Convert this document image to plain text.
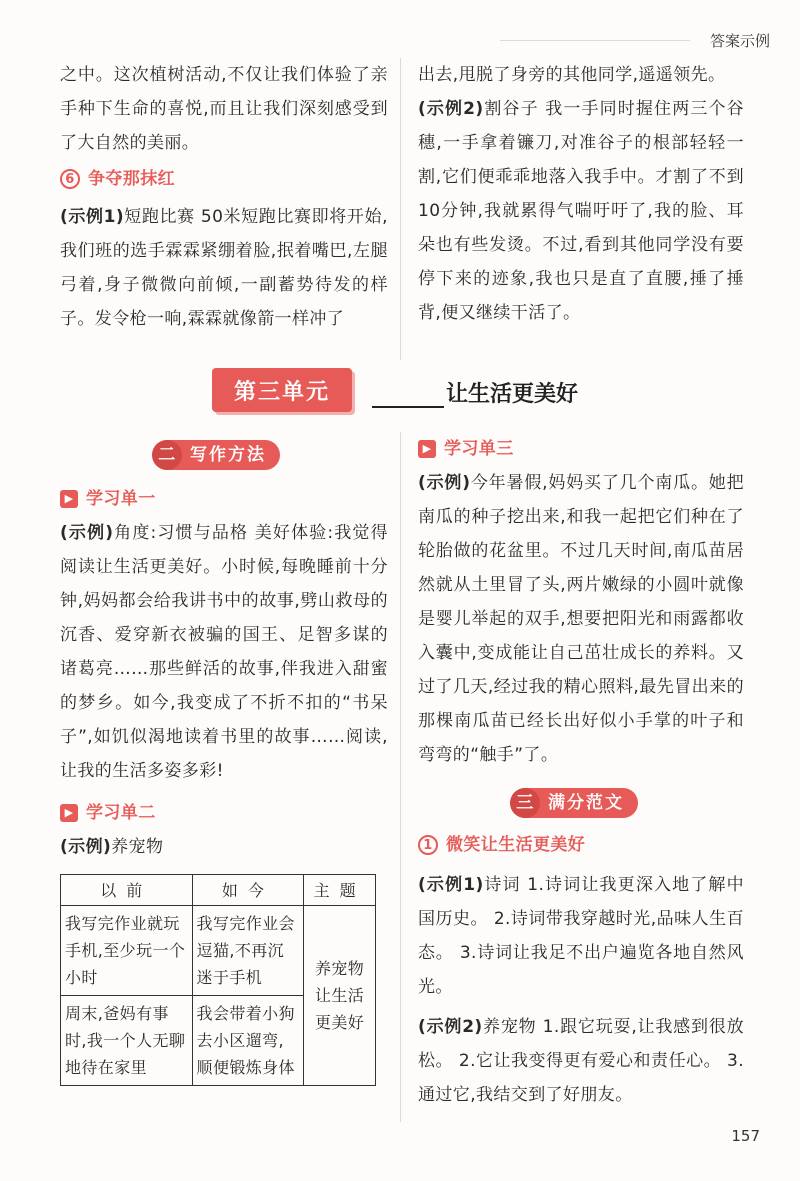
答案示例

之中。这次植树活动,不仅让我们体验了亲手种下生命的喜悦,而且让我们深刻感受到了大自然的美丽。

6 争夺那抹红

(示例1)短跑比赛 50米短跑比赛即将开始,我们班的选手霖霖紧绷着脸,抿着嘴巴,左腿弓着,身子微微向前倾,一副蓄势待发的样子。发令枪一响,霖霖就像箭一样冲了

出去,甩脱了身旁的其他同学,遥遥领先。

(示例2)割谷子 我一手同时握住两三个谷穗,一手拿着镰刀,对准谷子的根部轻轻一割,它们便乖乖地落入我手中。才割了不到10分钟,我就累得气喘吁吁了,我的脸、耳朵也有些发烫。不过,看到其他同学没有要停下来的迹象,我也只是直了直腰,捶了捶背,便又继续干活了。

第三单元	让生活更美好
二 写作方法
▶ 学习单一

(示例)角度:习惯与品格 美好体验:我觉得阅读让生活更美好。小时候,每晚睡前十分钟,妈妈都会给我讲书中的故事,劈山救母的沉香、爱穿新衣被骗的国王、足智多谋的诸葛亮……那些鲜活的故事,伴我进入甜蜜的梦乡。如今,我变成了不折不扣的“书呆子”,如饥似渴地读着书里的故事……阅读,让我的生活多姿多彩!

▶ 学习单二

(示例)养宠物

以前	如今	主题
我写完作业就玩手机,至少玩一个小时	我写完作业会逗猫,不再沉迷于手机	养宠物让生活更美好
周末,爸妈有事时,我一个人无聊地待在家里	我会带着小狗去小区遛弯,顺便锻炼身体	
▶ 学习单三

(示例)今年暑假,妈妈买了几个南瓜。她把南瓜的种子挖出来,和我一起把它们种在了轮胎做的花盆里。不过几天时间,南瓜苗居然就从土里冒了头,两片嫩绿的小圆叶就像是婴儿举起的双手,想要把阳光和雨露都收入囊中,变成能让自己茁壮成长的养料。又过了几天,经过我的精心照料,最先冒出来的那棵南瓜苗已经长出好似小手掌的叶子和弯弯的“触手”了。

三 满分范文
1 微笑让生活更美好

(示例1)诗词 1.诗词让我更深入地了解中国历史。 2.诗词带我穿越时光,品味人生百态。 3.诗词让我足不出户遍览各地自然风光。

(示例2)养宠物 1.跟它玩耍,让我感到很放松。 2.它让我变得更有爱心和责任心。 3.通过它,我结交到了好朋友。

157
